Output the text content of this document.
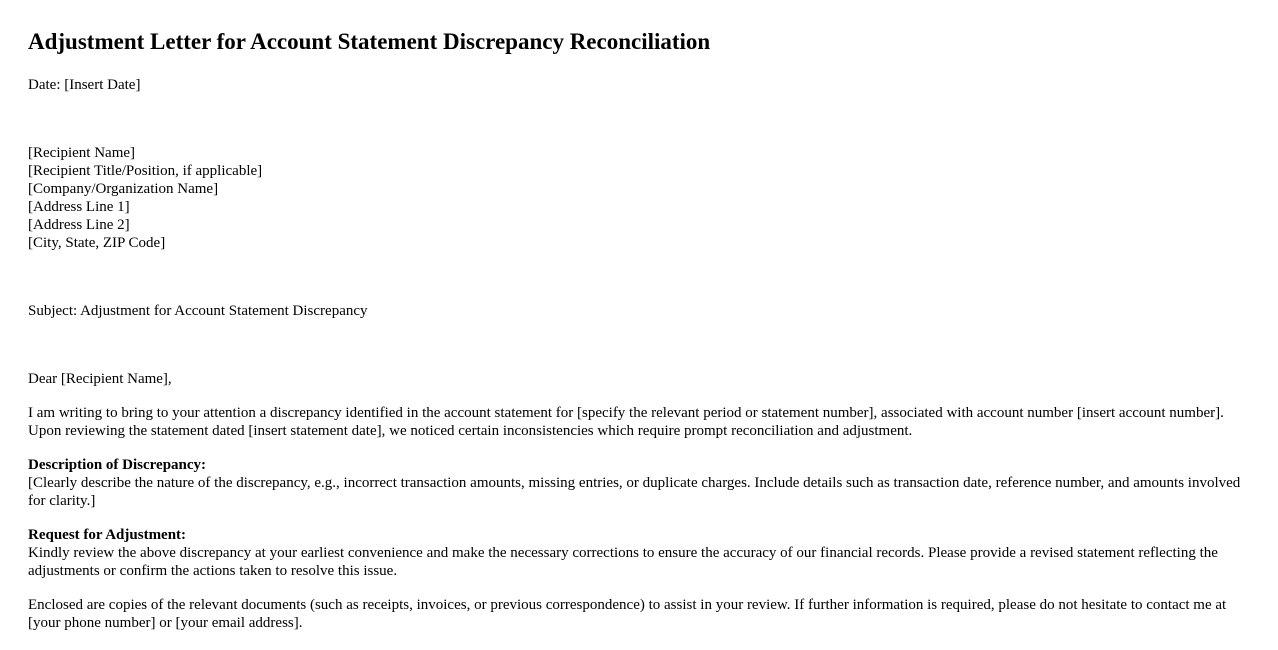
Adjustment Letter for Account Statement Discrepancy Reconciliation
Date: [Insert Date]
[Recipient Name]
[Recipient Title/Position, if applicable]
[Company/Organization Name]
[Address Line 1]
[Address Line 2]
[City, State, ZIP Code]
Subject: Adjustment for Account Statement Discrepancy
Dear [Recipient Name],

I am writing to bring to your attention a discrepancy identified in the account statement for [specify the relevant period or statement number], associated with account number [insert account number]. Upon reviewing the statement dated [insert statement date], we noticed certain inconsistencies which require prompt reconciliation and adjustment.

Description of Discrepancy:
[Clearly describe the nature of the discrepancy, e.g., incorrect transaction amounts, missing entries, or duplicate charges. Include details such as transaction date, reference number, and amounts involved for clarity.]
Request for Adjustment:
Kindly review the above discrepancy at your earliest convenience and make the necessary corrections to ensure the accuracy of our financial records. Please provide a revised statement reflecting the adjustments or confirm the actions taken to resolve this issue.

Enclosed are copies of the relevant documents (such as receipts, invoices, or previous correspondence) to assist in your review. If further information is required, please do not hesitate to contact me at [your phone number] or [your email address].
